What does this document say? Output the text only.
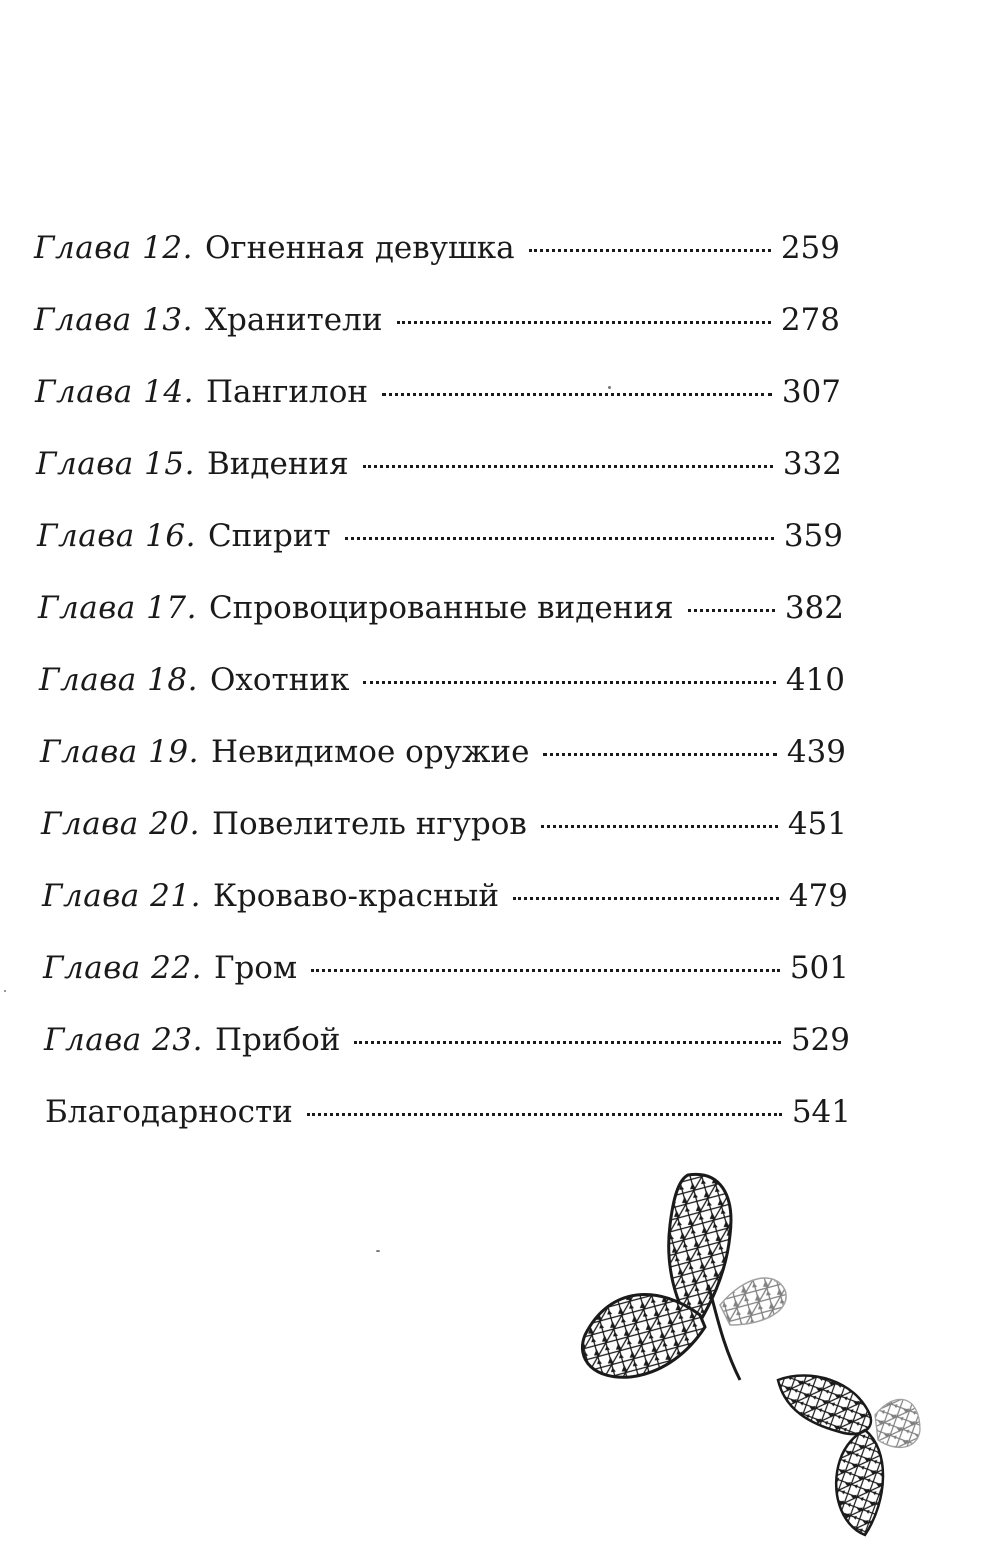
Глава 12. Огненная девушка	259
Глава 13. Хранители	278
Глава 14. Пангилон	307
Глава 15. Видения	332
Глава 16. Спирит	359
Глава 17. Спровоцированные видения	382
Глава 18. Охотник	410
Глава 19. Невидимое оружие	439
Глава 20. Повелитель нгуров	451
Глава 21. Кроваво-красный	479
Глава 22. Гром	501
Глава 23. Прибой	529
Благодарности	541
